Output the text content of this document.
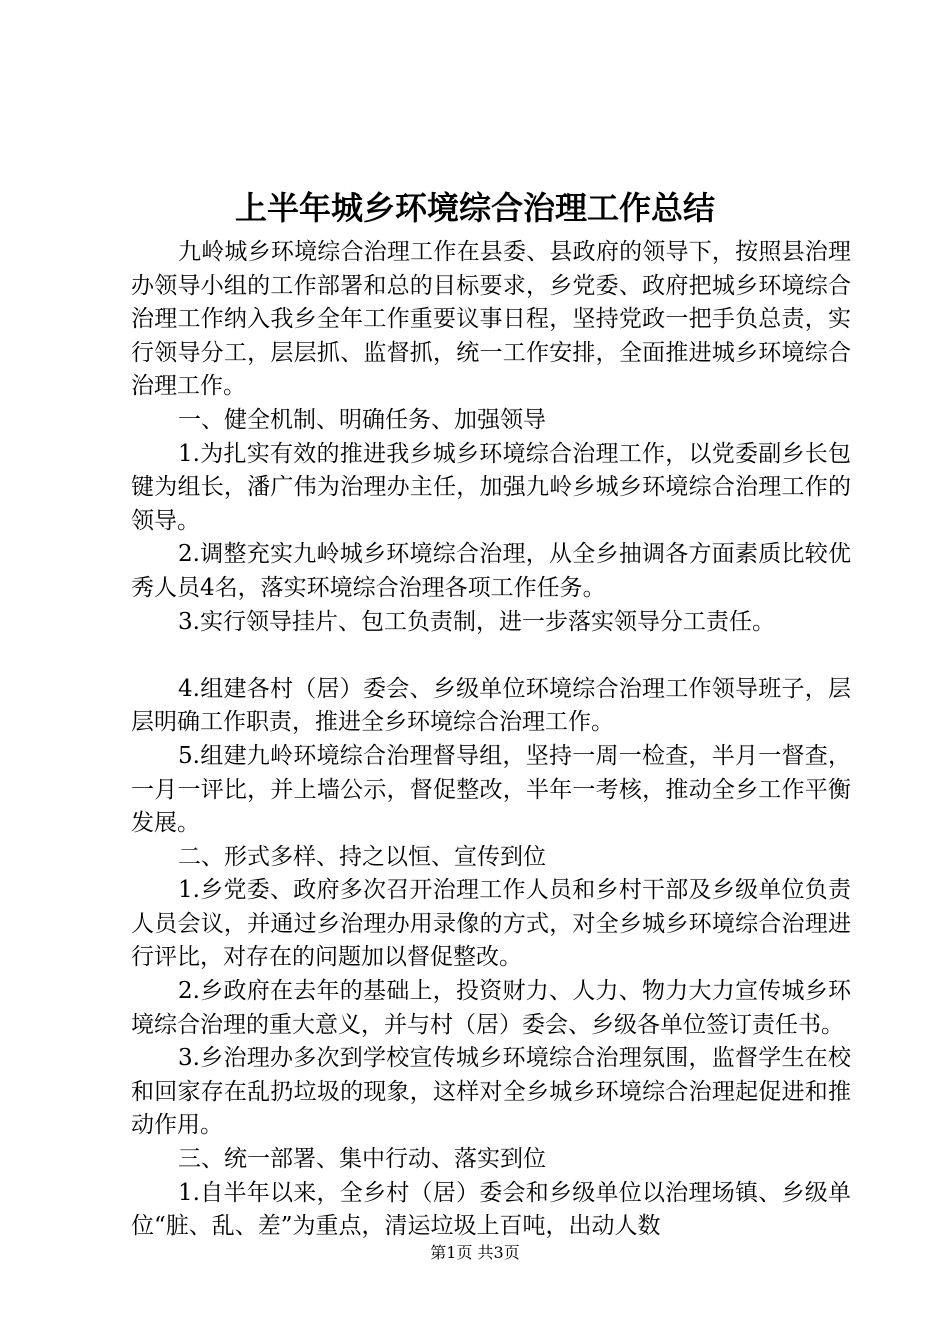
上半年城乡环境综合治理工作总结

九岭城乡环境综合治理工作在县委、县政府的领导下，按照县治理办领导小组的工作部署和总的目标要求，乡党委、政府把城乡环境综合治理工作纳入我乡全年工作重要议事日程，坚持党政一把手负总责，实行领导分工，层层抓、监督抓，统一工作安排，全面推进城乡环境综合治理工作。

一、健全机制、明确任务、加强领导

1.为扎实有效的推进我乡城乡环境综合治理工作，以党委副乡长包键为组长，潘广伟为治理办主任，加强九岭乡城乡环境综合治理工作的领导。

2.调整充实九岭城乡环境综合治理，从全乡抽调各方面素质比较优秀人员4名，落实环境综合治理各项工作任务。

3.实行领导挂片、包工负责制，进一步落实领导分工责任。

4.组建各村（居）委会、乡级单位环境综合治理工作领导班子，层层明确工作职责，推进全乡环境综合治理工作。

5.组建九岭环境综合治理督导组，坚持一周一检查，半月一督查，一月一评比，并上墙公示，督促整改，半年一考核，推动全乡工作平衡发展。

二、形式多样、持之以恒、宣传到位

1.乡党委、政府多次召开治理工作人员和乡村干部及乡级单位负责人员会议，并通过乡治理办用录像的方式，对全乡城乡环境综合治理进行评比，对存在的问题加以督促整改。

2.乡政府在去年的基础上，投资财力、人力、物力大力宣传城乡环境综合治理的重大意义，并与村（居）委会、乡级各单位签订责任书。

3.乡治理办多次到学校宣传城乡环境综合治理氛围，监督学生在校和回家存在乱扔垃圾的现象，这样对全乡城乡环境综合治理起促进和推动作用。

三、统一部署、集中行动、落实到位

1.自半年以来，全乡村（居）委会和乡级单位以治理场镇、乡级单位“脏、乱、差”为重点，清运垃圾上百吨，出动人数

第1页 共3页
